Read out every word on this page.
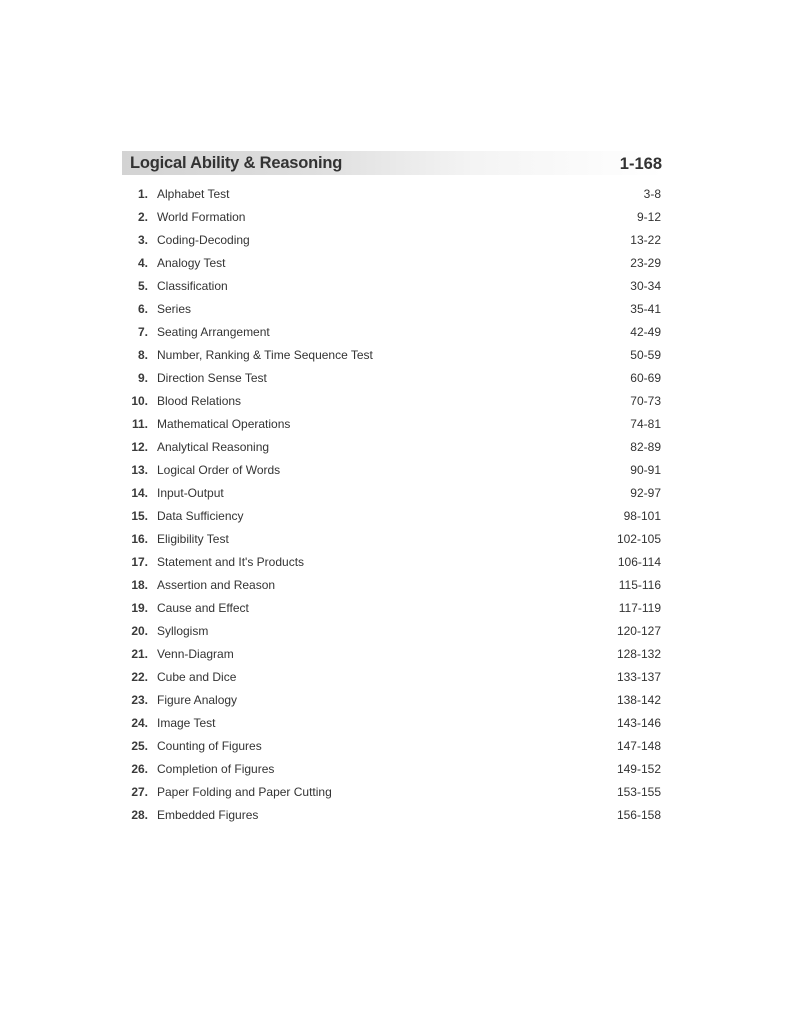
Logical Ability & Reasoning	1-168
1. Alphabet Test	3-8
2. World Formation	9-12
3. Coding-Decoding	13-22
4. Analogy Test	23-29
5. Classification	30-34
6. Series	35-41
7. Seating Arrangement	42-49
8. Number, Ranking & Time Sequence Test	50-59
9. Direction Sense Test	60-69
10. Blood Relations	70-73
11. Mathematical Operations	74-81
12. Analytical Reasoning	82-89
13. Logical Order of Words	90-91
14. Input-Output	92-97
15. Data Sufficiency	98-101
16. Eligibility Test	102-105
17. Statement and It's Products	106-114
18. Assertion and Reason	115-116
19. Cause and Effect	117-119
20. Syllogism	120-127
21. Venn-Diagram	128-132
22. Cube and Dice	133-137
23. Figure Analogy	138-142
24. Image Test	143-146
25. Counting of Figures	147-148
26. Completion of Figures	149-152
27. Paper Folding and Paper Cutting	153-155
28. Embedded Figures	156-158
